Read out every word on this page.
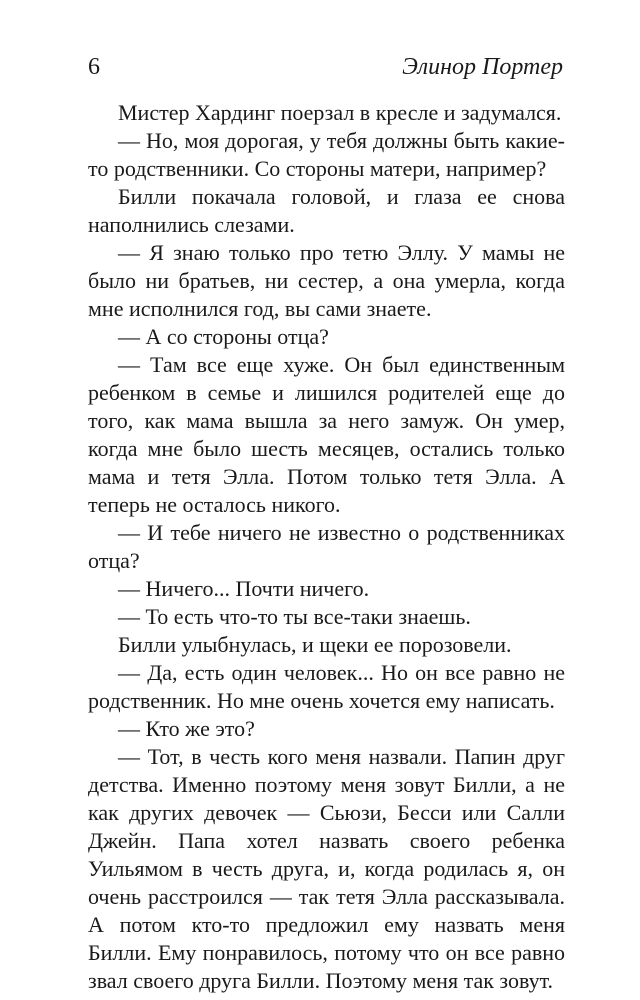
6	Элинор Портер

Мистер Хардинг поерзал в кресле и задумался.

— Но, моя дорогая, у тебя должны быть какие-то родственники. Со стороны матери, например?

Билли покачала головой, и глаза ее снова наполнились слезами.

— Я знаю только про тетю Эллу. У мамы не было ни братьев, ни сестер, а она умерла, когда мне исполнился год, вы сами знаете.

— А со стороны отца?

— Там все еще хуже. Он был единственным ребенком в семье и лишился родителей еще до того, как мама вышла за него замуж. Он умер, когда мне было шесть месяцев, остались только мама и тетя Элла. Потом только тетя Элла. А теперь не осталось никого.

— И тебе ничего не известно о родственниках отца?

— Ничего... Почти ничего.

— То есть что-то ты все-таки знаешь.

Билли улыбнулась, и щеки ее порозовели.

— Да, есть один человек... Но он все равно не родственник. Но мне очень хочется ему написать.

— Кто же это?

— Тот, в честь кого меня назвали. Папин друг детства. Именно поэтому меня зовут Билли, а не как других девочек — Сьюзи, Бесси или Салли Джейн. Папа хотел назвать своего ребенка Уильямом в честь друга, и, когда родилась я, он очень расстроился — так тетя Элла рассказывала. А потом кто-то предложил ему назвать меня Билли. Ему понравилось, потому что он все равно звал своего друга Билли. Поэтому меня так зовут.
